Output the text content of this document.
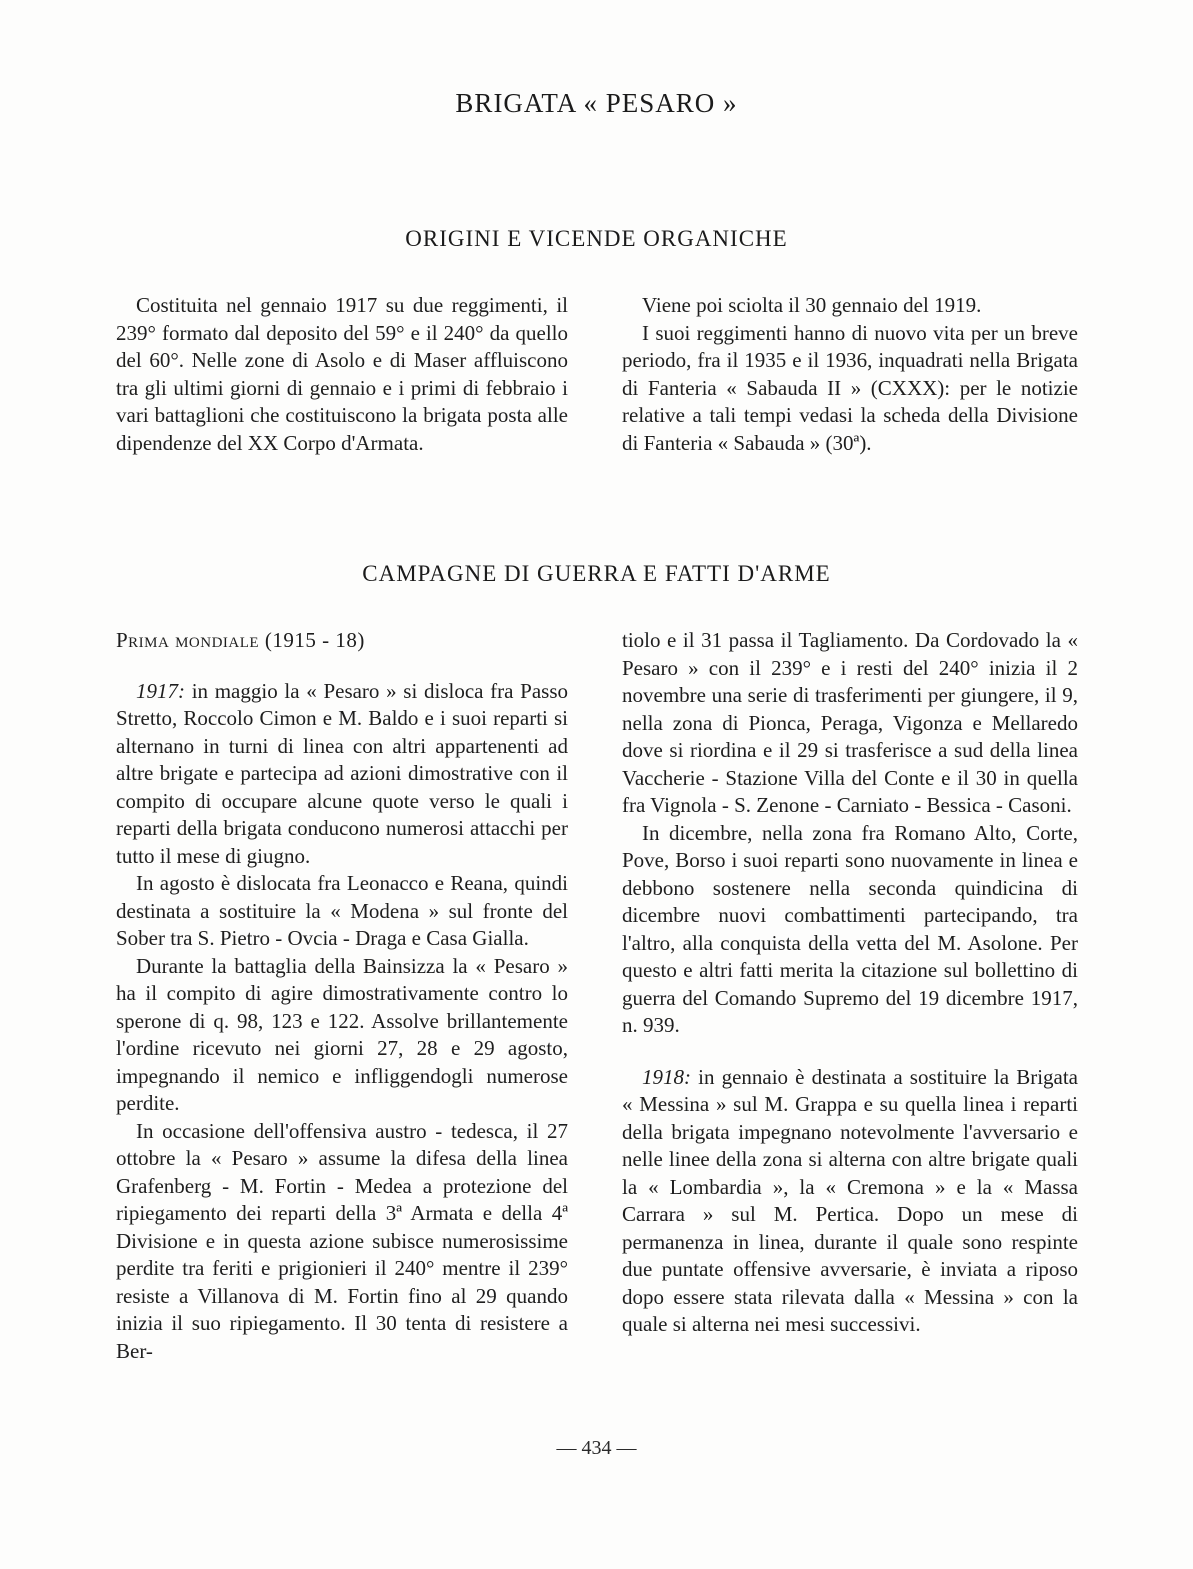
BRIGATA « PESARO »
ORIGINI E VICENDE ORGANICHE

Costituita nel gennaio 1917 su due reggimenti, il 239° formato dal deposito del 59° e il 240° da quello del 60°. Nelle zone di Asolo e di Maser affluiscono tra gli ultimi giorni di gennaio e i primi di febbraio i vari battaglioni che costituiscono la brigata posta alle dipendenze del XX Corpo d'Armata.

Viene poi sciolta il 30 gennaio del 1919.

I suoi reggimenti hanno di nuovo vita per un breve periodo, fra il 1935 e il 1936, inquadrati nella Brigata di Fanteria « Sabauda II » (CXXX): per le notizie relative a tali tempi vedasi la scheda della Divisione di Fanteria « Sabauda » (30ª).

CAMPAGNE DI GUERRA E FATTI D'ARME

Prima mondiale (1915 - 18)

1917: in maggio la « Pesaro » si disloca fra Passo Stretto, Roccolo Cimon e M. Baldo e i suoi reparti si alternano in turni di linea con altri appartenenti ad altre brigate e partecipa ad azioni dimostrative con il compito di occupare alcune quote verso le quali i reparti della brigata conducono numerosi attacchi per tutto il mese di giugno.

In agosto è dislocata fra Leonacco e Reana, quindi destinata a sostituire la « Modena » sul fronte del Sober tra S. Pietro - Ovcia - Draga e Casa Gialla.

Durante la battaglia della Bainsizza la « Pesaro » ha il compito di agire dimostrativamente contro lo sperone di q. 98, 123 e 122. Assolve brillantemente l'ordine ricevuto nei giorni 27, 28 e 29 agosto, impegnando il nemico e infliggendogli numerose perdite.

In occasione dell'offensiva austro - tedesca, il 27 ottobre la « Pesaro » assume la difesa della linea Grafenberg - M. Fortin - Medea a protezione del ripiegamento dei reparti della 3ª Armata e della 4ª Divisione e in questa azione subisce numerosissime perdite tra feriti e prigionieri il 240° mentre il 239° resiste a Villanova di M. Fortin fino al 29 quando inizia il suo ripiegamento. Il 30 tenta di resistere a Ber-

tiolo e il 31 passa il Tagliamento. Da Cordovado la « Pesaro » con il 239° e i resti del 240° inizia il 2 novembre una serie di trasferimenti per giungere, il 9, nella zona di Pionca, Peraga, Vigonza e Mellaredo dove si riordina e il 29 si trasferisce a sud della linea Vaccherie - Stazione Villa del Conte e il 30 in quella fra Vignola - S. Zenone - Carniato - Bessica - Casoni.

In dicembre, nella zona fra Romano Alto, Corte, Pove, Borso i suoi reparti sono nuovamente in linea e debbono sostenere nella seconda quindicina di dicembre nuovi combattimenti partecipando, tra l'altro, alla conquista della vetta del M. Asolone. Per questo e altri fatti merita la citazione sul bollettino di guerra del Comando Supremo del 19 dicembre 1917, n. 939.

1918: in gennaio è destinata a sostituire la Brigata « Messina » sul M. Grappa e su quella linea i reparti della brigata impegnano notevolmente l'avversario e nelle linee della zona si alterna con altre brigate quali la « Lombardia », la « Cremona » e la « Massa Carrara » sul M. Pertica. Dopo un mese di permanenza in linea, durante il quale sono respinte due puntate offensive avversarie, è inviata a riposo dopo essere stata rilevata dalla « Messina » con la quale si alterna nei mesi successivi.

— 434 —
